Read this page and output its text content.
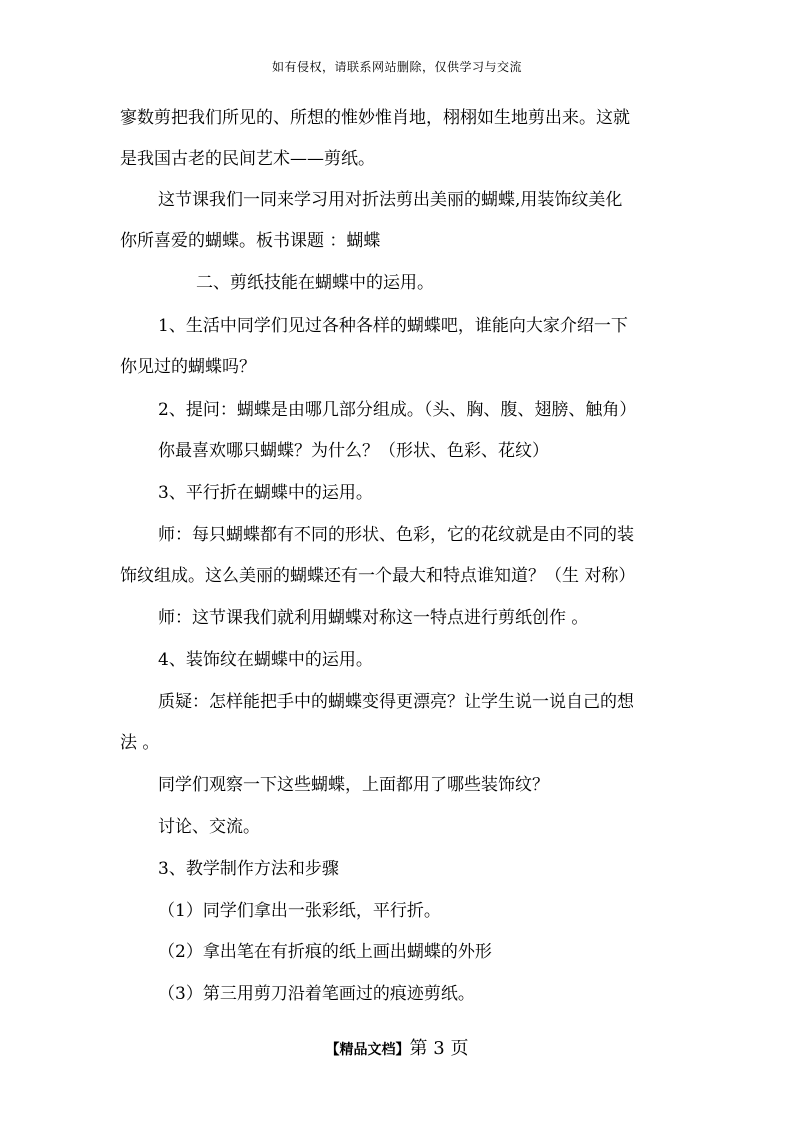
如有侵权，请联系网站删除，仅供学习与交流
寥数剪把我们所见的、所想的惟妙惟肖地，栩栩如生地剪出来。这就
是我国古老的民间艺术——剪纸。
这节课我们一同来学习用对折法剪出美丽的蝴蝶,用装饰纹美化
你所喜爱的蝴蝶。板书课题 ：蝴蝶
二、剪纸技能在蝴蝶中的运用。
1、生活中同学们见过各种各样的蝴蝶吧，谁能向大家介绍一下
你见过的蝴蝶吗？
2、提问：蝴蝶是由哪几部分组成。（头、胸、腹、翅膀、触角）
你最喜欢哪只蝴蝶？为什么？（形状、色彩、花纹）
3、平行折在蝴蝶中的运用。
师：每只蝴蝶都有不同的形状、色彩，它的花纹就是由不同的装
饰纹组成。这么美丽的蝴蝶还有一个最大和特点谁知道？（生 对称）
师：这节课我们就利用蝴蝶对称这一特点进行剪纸创作 。
4、装饰纹在蝴蝶中的运用。
质疑：怎样能把手中的蝴蝶变得更漂亮？让学生说一说自己的想
法 。
同学们观察一下这些蝴蝶，上面都用了哪些装饰纹？
讨论、交流。
3、教学制作方法和步骤
（1）同学们拿出一张彩纸，平行折。
（2）拿出笔在有折痕的纸上画出蝴蝶的外形
（3）第三用剪刀沿着笔画过的痕迹剪纸。
【精品文档】第 3 页
